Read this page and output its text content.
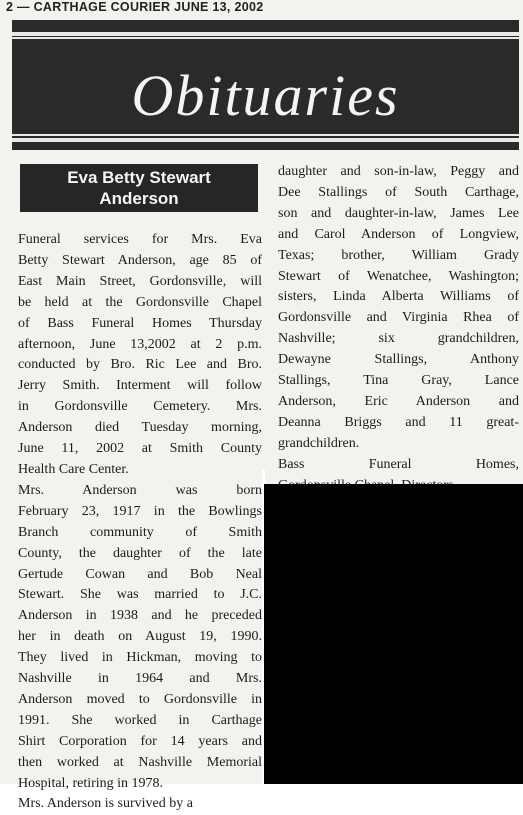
2 — CARTHAGE COURIER JUNE 13, 2002
Obituaries
Eva Betty Stewart
Anderson
Funeral services for Mrs. Eva
Betty Stewart Anderson, age 85 of
East Main Street, Gordonsville, will
be held at the Gordonsville Chapel
of Bass Funeral Homes Thursday
afternoon, June 13,2002 at 2 p.m.
conducted by Bro. Ric Lee and Bro.
Jerry Smith. Interment will follow
in Gordonsville Cemetery. Mrs.
Anderson died Tuesday morning,
June 11, 2002 at Smith County
Health Care Center.
Mrs. Anderson was born
February 23, 1917 in the Bowlings
Branch community of Smith
County, the daughter of the late
Gertude Cowan and Bob Neal
Stewart. She was married to J.C.
Anderson in 1938 and he preceded
her in death on August 19, 1990.
They lived in Hickman, moving to
Nashville in 1964 and Mrs.
Anderson moved to Gordonsville in
1991. She worked in Carthage
Shirt Corporation for 14 years and
then worked at Nashville Memorial
Hospital, retiring in 1978.
Mrs. Anderson is survived by a
daughter and son-in-law, Peggy and
Dee Stallings of South Carthage,
son and daughter-in-law, James Lee
and Carol Anderson of Longview,
Texas; brother, William Grady
Stewart of Wenatchee, Washington;
sisters, Linda Alberta Williams of
Gordonsville and Virginia Rhea of
Nashville; six grandchildren,
Dewayne Stallings, Anthony
Stallings, Tina Gray, Lance
Anderson, Eric Anderson and
Deanna Briggs and 11 great-
grandchildren.
Bass Funeral Homes,
